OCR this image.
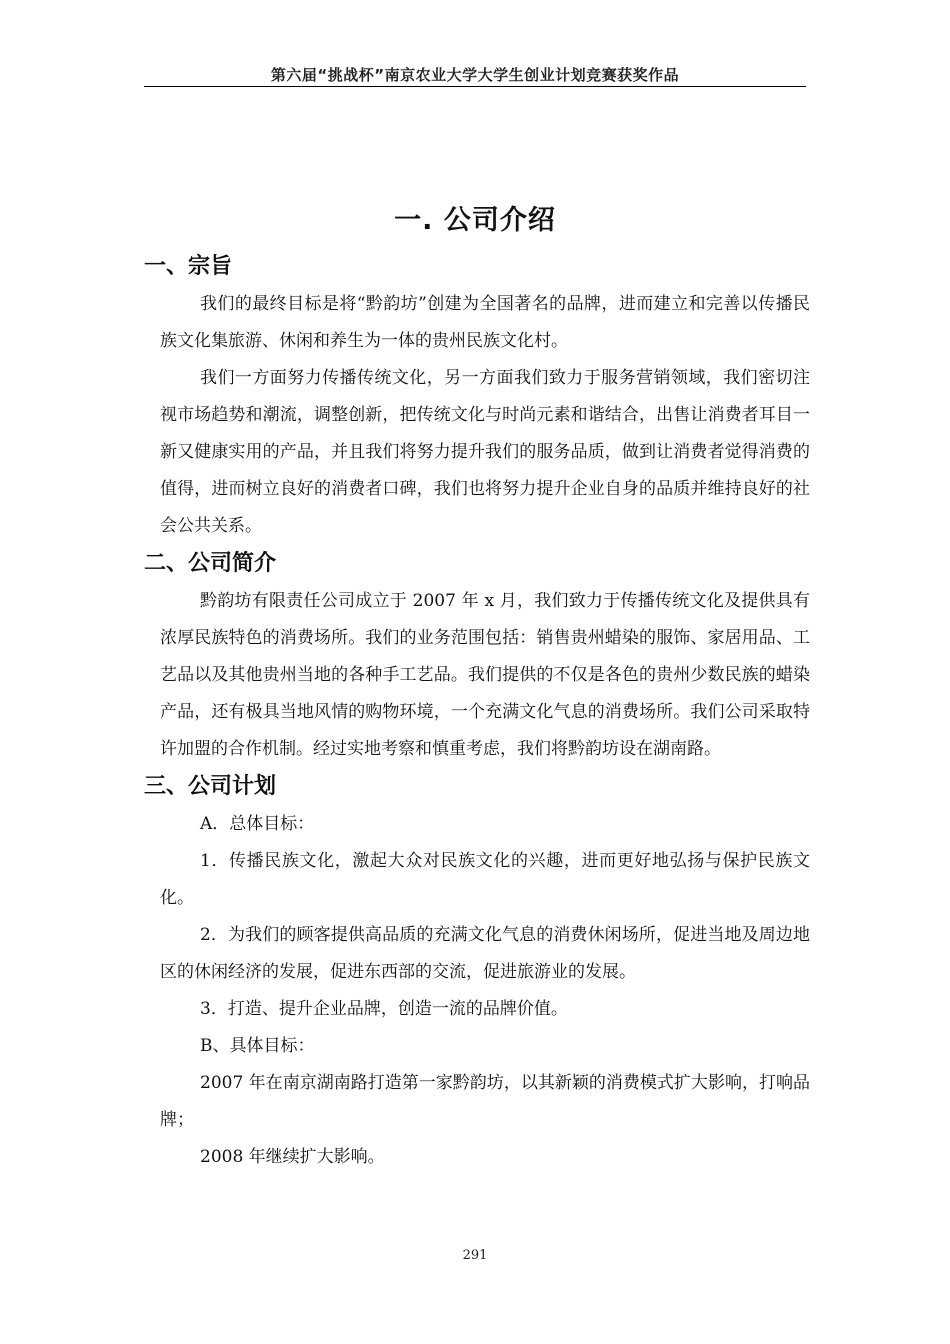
第六届“挑战杯”南京农业大学大学生创业计划竞赛获奖作品
一. 公司介绍
一、宗旨

我们的最终目标是将“黔韵坊”创建为全国著名的品牌，进而建立和完善以传播民族文化集旅游、休闲和养生为一体的贵州民族文化村。

我们一方面努力传播传统文化，另一方面我们致力于服务营销领域，我们密切注视市场趋势和潮流，调整创新，把传统文化与时尚元素和谐结合，出售让消费者耳目一新又健康实用的产品，并且我们将努力提升我们的服务品质，做到让消费者觉得消费的值得，进而树立良好的消费者口碑，我们也将努力提升企业自身的品质并维持良好的社会公共关系。

二、公司简介

黔韵坊有限责任公司成立于 2007 年 x 月，我们致力于传播传统文化及提供具有浓厚民族特色的消费场所。我们的业务范围包括：销售贵州蜡染的服饰、家居用品、工艺品以及其他贵州当地的各种手工艺品。我们提供的不仅是各色的贵州少数民族的蜡染产品，还有极具当地风情的购物环境，一个充满文化气息的消费场所。我们公司采取特许加盟的合作机制。经过实地考察和慎重考虑，我们将黔韵坊设在湖南路。

三、公司计划

A．总体目标：

1．传播民族文化，激起大众对民族文化的兴趣，进而更好地弘扬与保护民族文化。

2．为我们的顾客提供高品质的充满文化气息的消费休闲场所，促进当地及周边地区的休闲经济的发展，促进东西部的交流，促进旅游业的发展。

3．打造、提升企业品牌，创造一流的品牌价值。

B、具体目标：

2007 年在南京湖南路打造第一家黔韵坊，以其新颖的消费模式扩大影响，打响品牌；

2008 年继续扩大影响。

291
